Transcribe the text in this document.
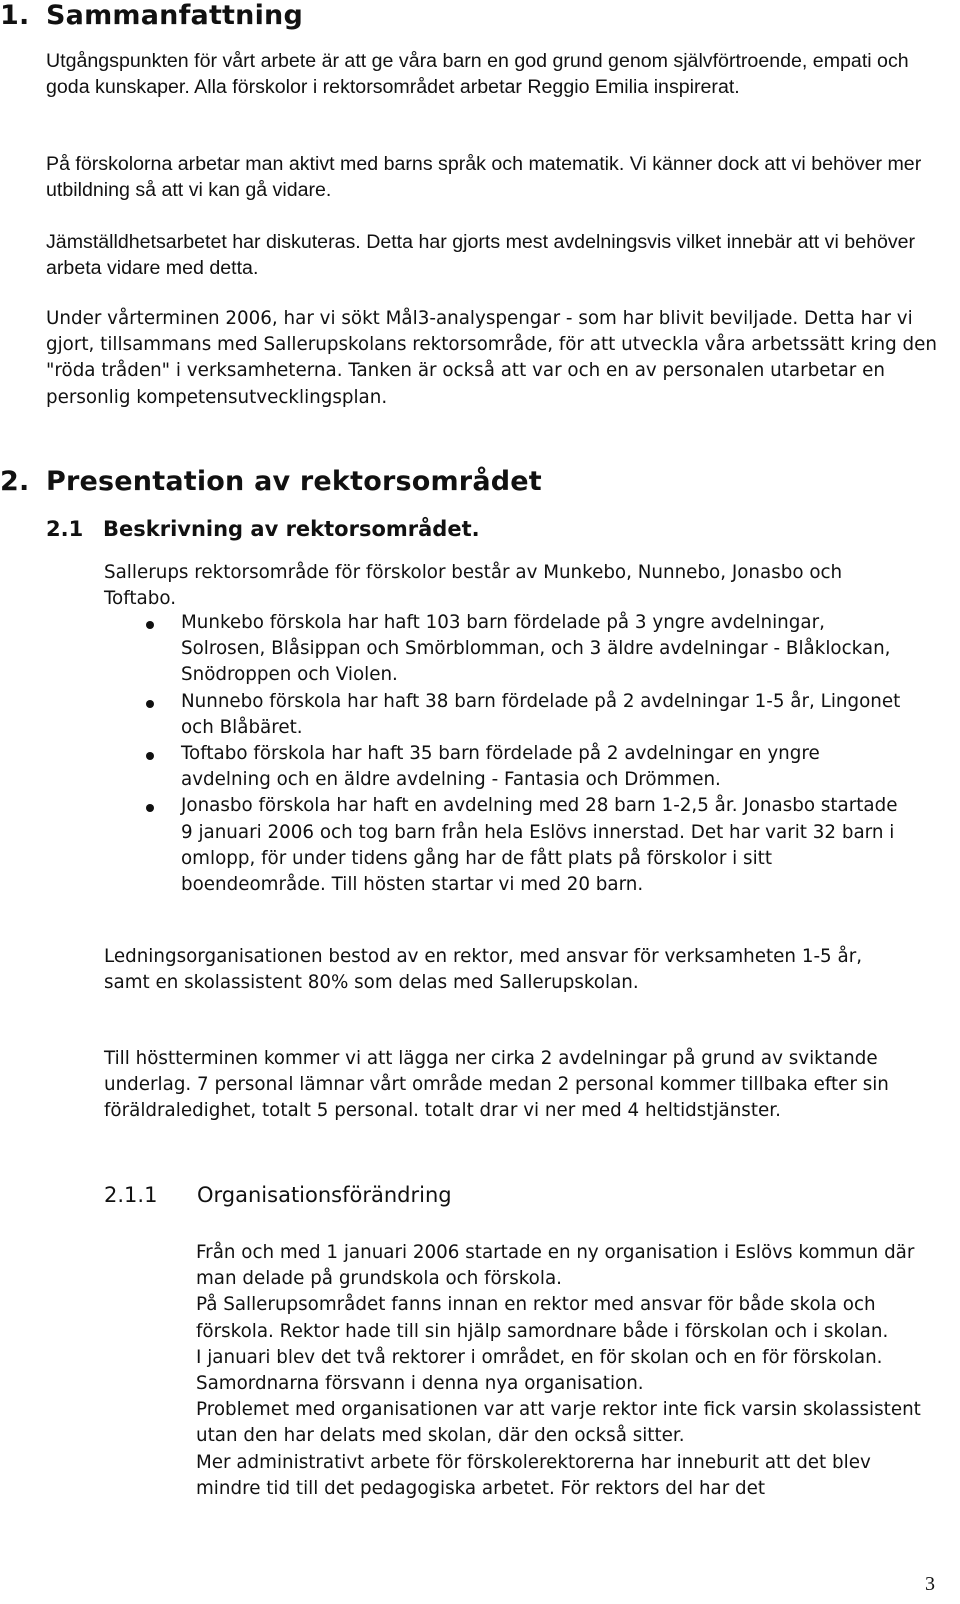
1. Sammanfattning

Utgångspunkten för vårt arbete är att ge våra barn en god grund genom självförtroende, empati och goda kunskaper. Alla förskolor i rektorsområdet arbetar Reggio Emilia inspirerat.

På förskolorna arbetar man aktivt med barns språk och matematik. Vi känner dock att vi behöver mer utbildning så att vi kan gå vidare.

Jämställdhetsarbetet har diskuteras. Detta har gjorts mest avdelningsvis vilket innebär att vi behöver arbeta vidare med detta.

Under vårterminen 2006, har vi sökt Mål3-analyspengar - som har blivit beviljade. Detta har vi gjort, tillsammans med Sallerupskolans rektorsområde, för att utveckla våra arbetssätt kring den "röda tråden" i verksamheterna. Tanken är också att var och en av personalen utarbetar en personlig kompetensutvecklingsplan.

2. Presentation av rektorsområdet
2.1 Beskrivning av rektorsområdet.

Sallerups rektorsområde för förskolor består av Munkebo, Nunnebo, Jonasbo och Toftabo.

Munkebo förskola har haft 103 barn fördelade på 3 yngre avdelningar, Solrosen, Blåsippan och Smörblomman, och 3 äldre avdelningar - Blåklockan, Snödroppen och Violen.
Nunnebo förskola har haft 38 barn fördelade på 2 avdelningar 1-5 år, Lingonet och Blåbäret.
Toftabo förskola har haft 35 barn fördelade på 2 avdelningar en yngre avdelning och en äldre avdelning - Fantasia och Drömmen.
Jonasbo förskola har haft en avdelning med 28 barn 1-2,5 år. Jonasbo startade 9 januari 2006 och tog barn från hela Eslövs innerstad. Det har varit 32 barn i omlopp, för under tidens gång har de fått plats på förskolor i sitt boendeområde. Till hösten startar vi med 20 barn.

Ledningsorganisationen bestod av en rektor, med ansvar för verksamheten 1-5 år, samt en skolassistent 80% som delas med Sallerupskolan.

Till höstterminen kommer vi att lägga ner cirka 2 avdelningar på grund av sviktande underlag. 7 personal lämnar vårt område medan 2 personal kommer tillbaka efter sin föräldraledighet, totalt 5 personal. totalt drar vi ner med 4 heltidstjänster.

2.1.1 Organisationsförändring

Från och med 1 januari 2006 startade en ny organisation i Eslövs kommun där man delade på grundskola och förskola.

På Sallerupsområdet fanns innan en rektor med ansvar för både skola och förskola. Rektor hade till sin hjälp samordnare både i förskolan och i skolan.

I januari blev det två rektorer i området, en för skolan och en för förskolan. Samordnarna försvann i denna nya organisation.

Problemet med organisationen var att varje rektor inte fick varsin skolassistent utan den har delats med skolan, där den också sitter.

Mer administrativt arbete för förskolerektorerna har inneburit att det blev mindre tid till det pedagogiska arbetet. För rektors del har det

3
